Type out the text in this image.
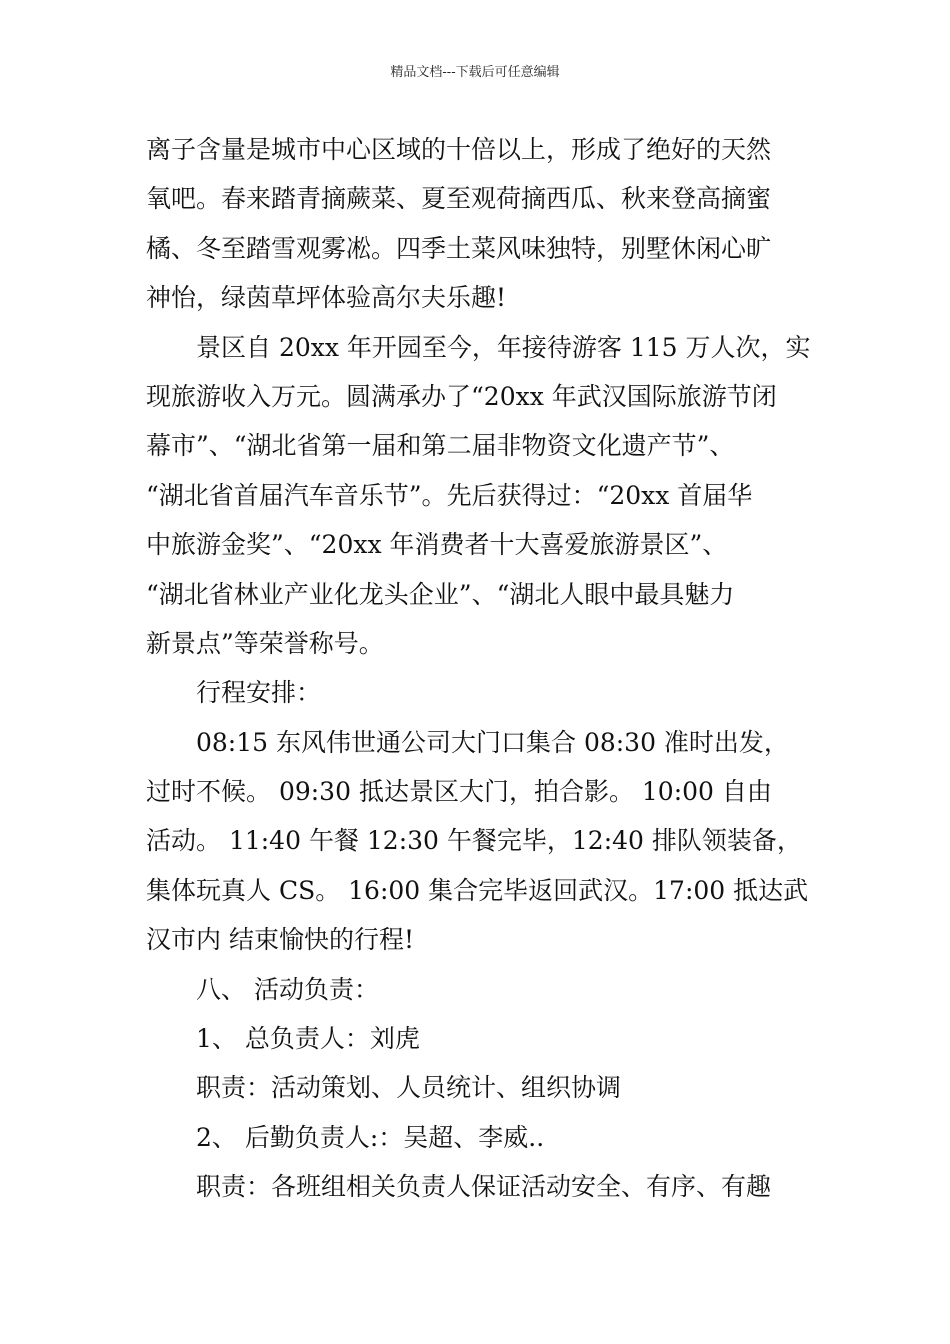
精品文档---下载后可任意编辑
离子含量是城市中心区域的十倍以上，形成了绝好的天然
氧吧。春来踏青摘蕨菜、夏至观荷摘西瓜、秋来登高摘蜜
橘、冬至踏雪观雾凇。四季土菜风味独特，别墅休闲心旷
神怡，绿茵草坪体验高尔夫乐趣!
景区自 20xx 年开园至今，年接待游客 115 万人次，实
现旅游收入万元。圆满承办了“20xx 年武汉国际旅游节闭
幕市”、“湖北省第一届和第二届非物资文化遗产节”、
“湖北省首届汽车音乐节”。先后获得过：“20xx 首届华
中旅游金奖”、“20xx 年消费者十大喜爱旅游景区”、
“湖北省林业产业化龙头企业”、“湖北人眼中最具魅力
新景点”等荣誉称号。
行程安排：
08:15 东风伟世通公司大门口集合 08:30 准时出发，
过时不候。 09:30 抵达景区大门，拍合影。 10:00 自由
活动。 11:40 午餐 12:30 午餐完毕，12:40 排队领装备，
集体玩真人 CS。 16:00 集合完毕返回武汉。17:00 抵达武
汉市内 结束愉快的行程!
八、 活动负责：
1、 总负责人：刘虎
职责：活动策划、人员统计、组织协调
2、 后勤负责人:：吴超、李威..
职责：各班组相关负责人保证活动安全、有序、有趣
